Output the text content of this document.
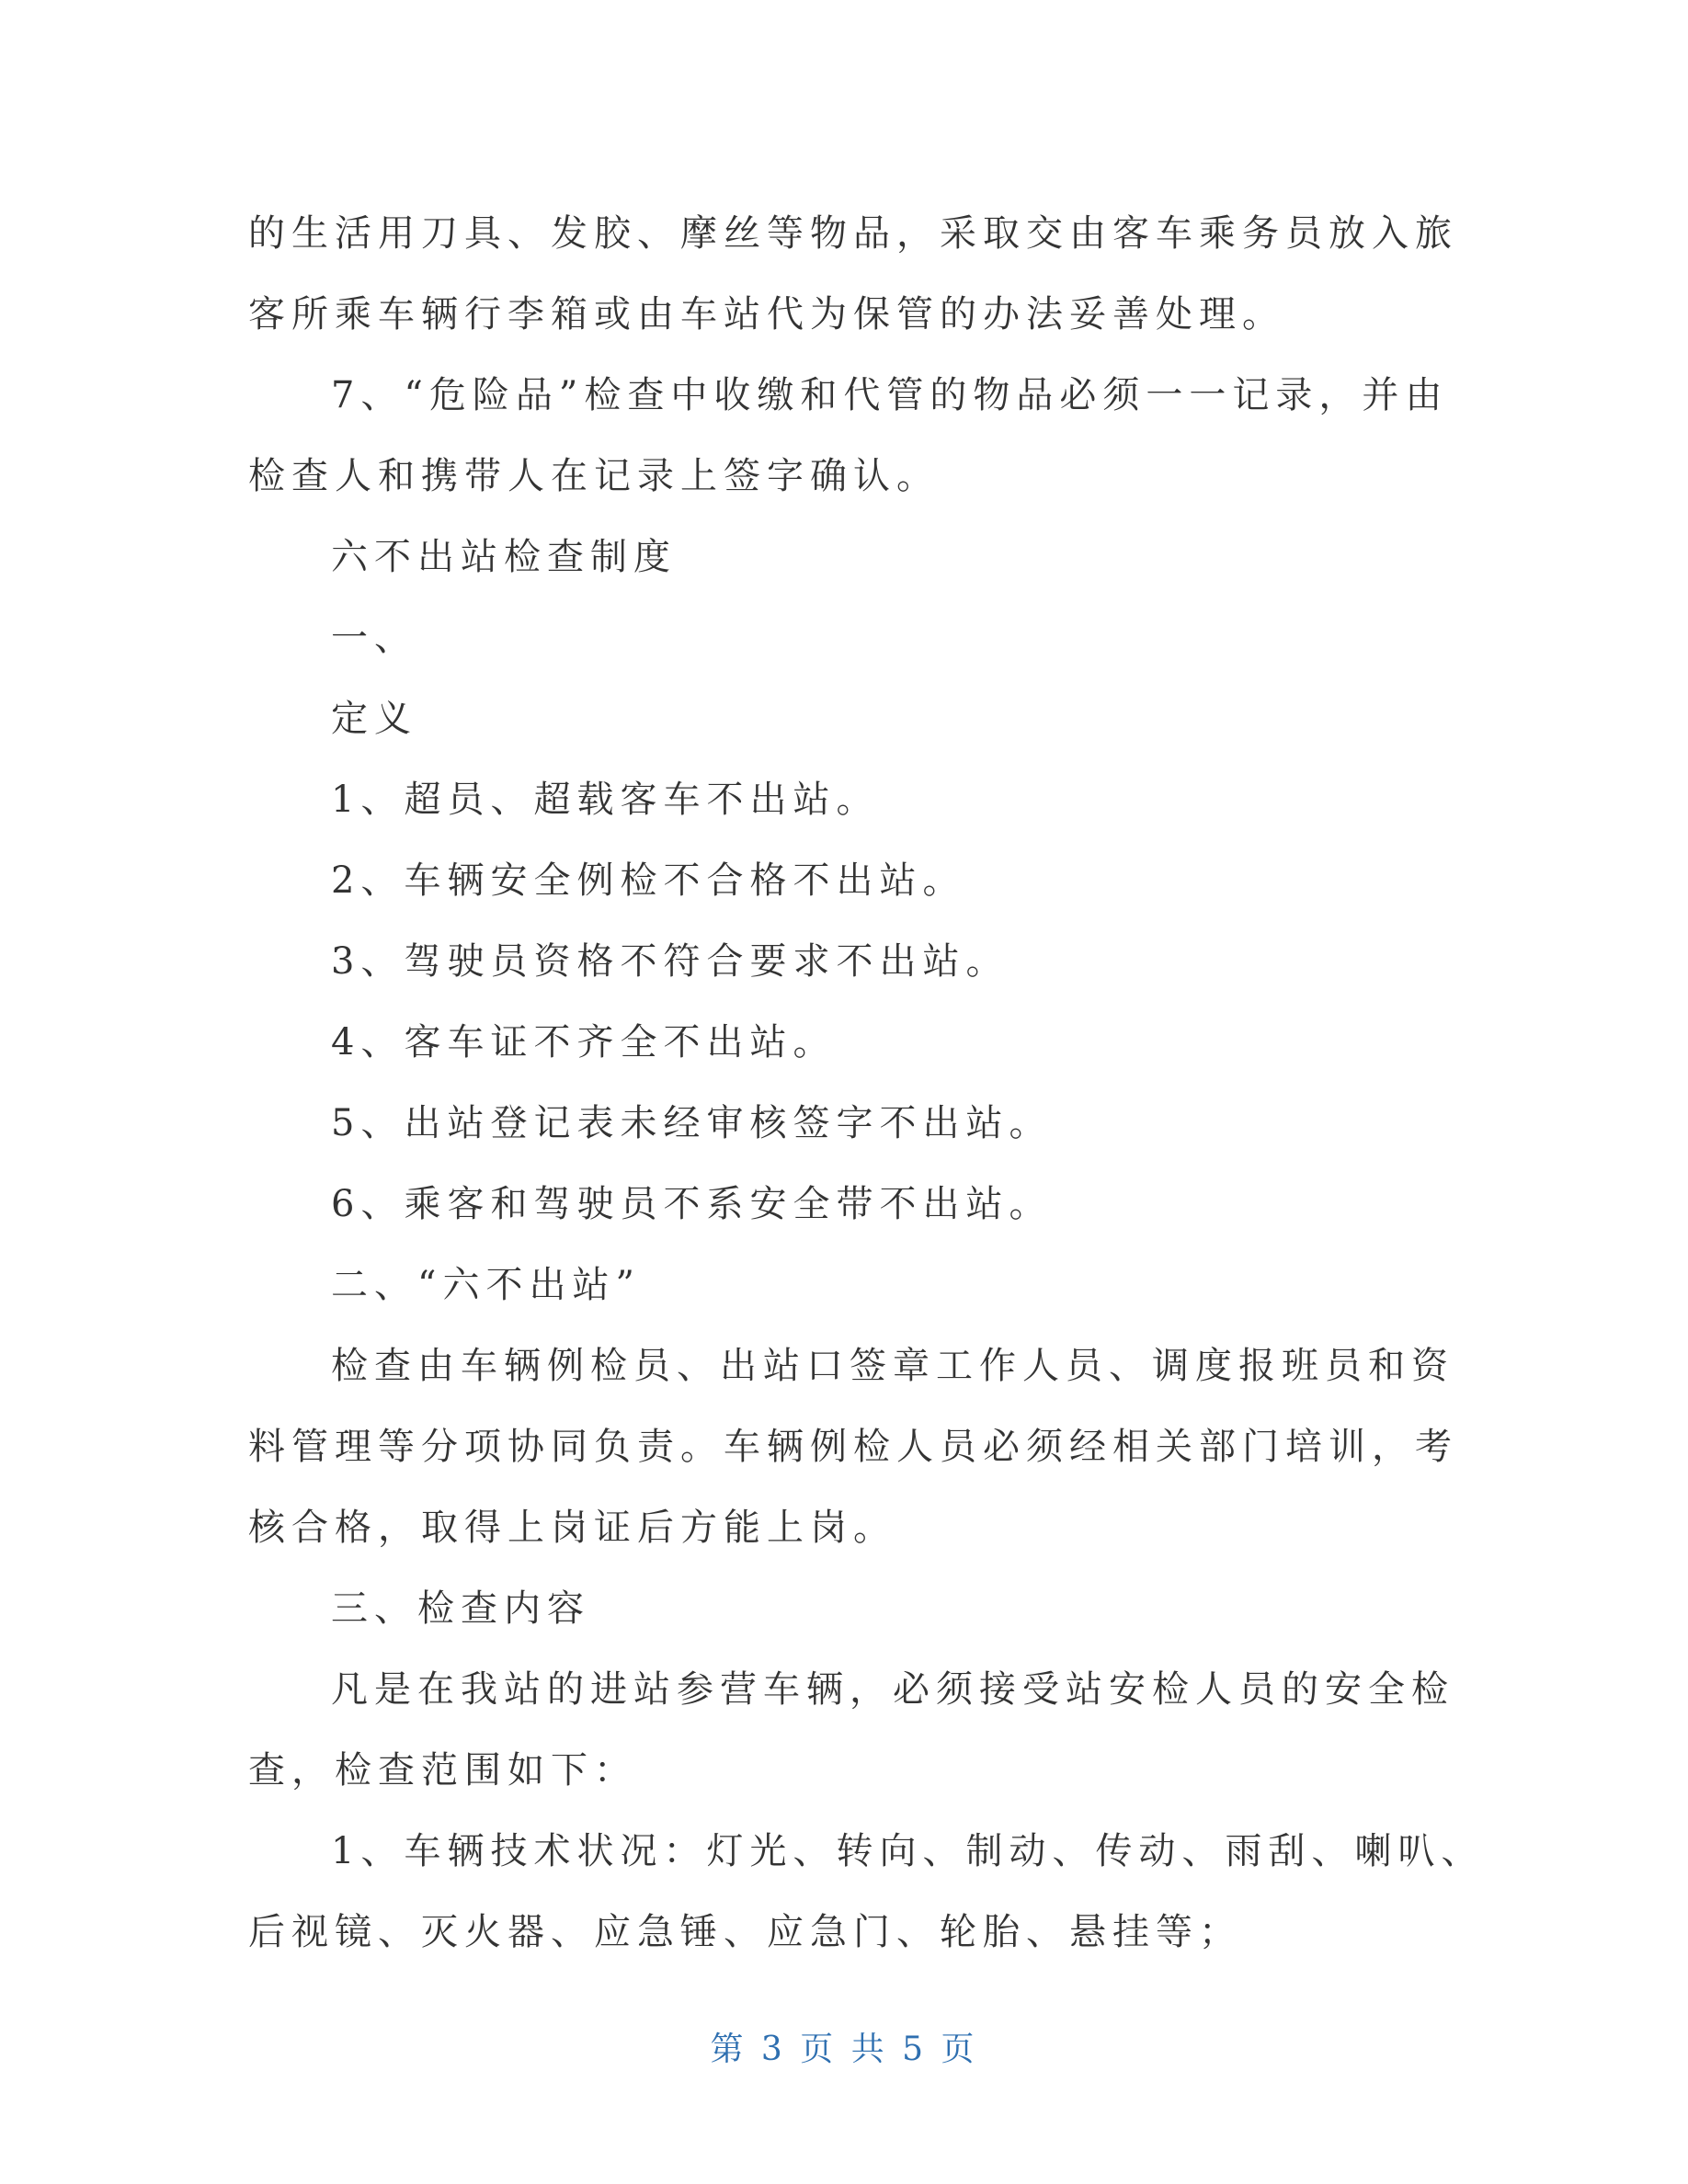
的生活用刀具、发胶、摩丝等物品，采取交由客车乘务员放入旅
客所乘车辆行李箱或由车站代为保管的办法妥善处理。
7、“危险品”检查中收缴和代管的物品必须一一记录，并由
检查人和携带人在记录上签字确认。
六不出站检查制度
一、
定义
1、超员、超载客车不出站。
2、车辆安全例检不合格不出站。
3、驾驶员资格不符合要求不出站。
4、客车证不齐全不出站。
5、出站登记表未经审核签字不出站。
6、乘客和驾驶员不系安全带不出站。
二、“六不出站”
检查由车辆例检员、出站口签章工作人员、调度报班员和资
料管理等分项协同负责。车辆例检人员必须经相关部门培训，考
核合格，取得上岗证后方能上岗。
三、检查内容
凡是在我站的进站参营车辆，必须接受站安检人员的安全检
查，检查范围如下：
1、车辆技术状况：灯光、转向、制动、传动、雨刮、喇叭、
后视镜、灭火器、应急锤、应急门、轮胎、悬挂等；
第 3 页 共 5 页
